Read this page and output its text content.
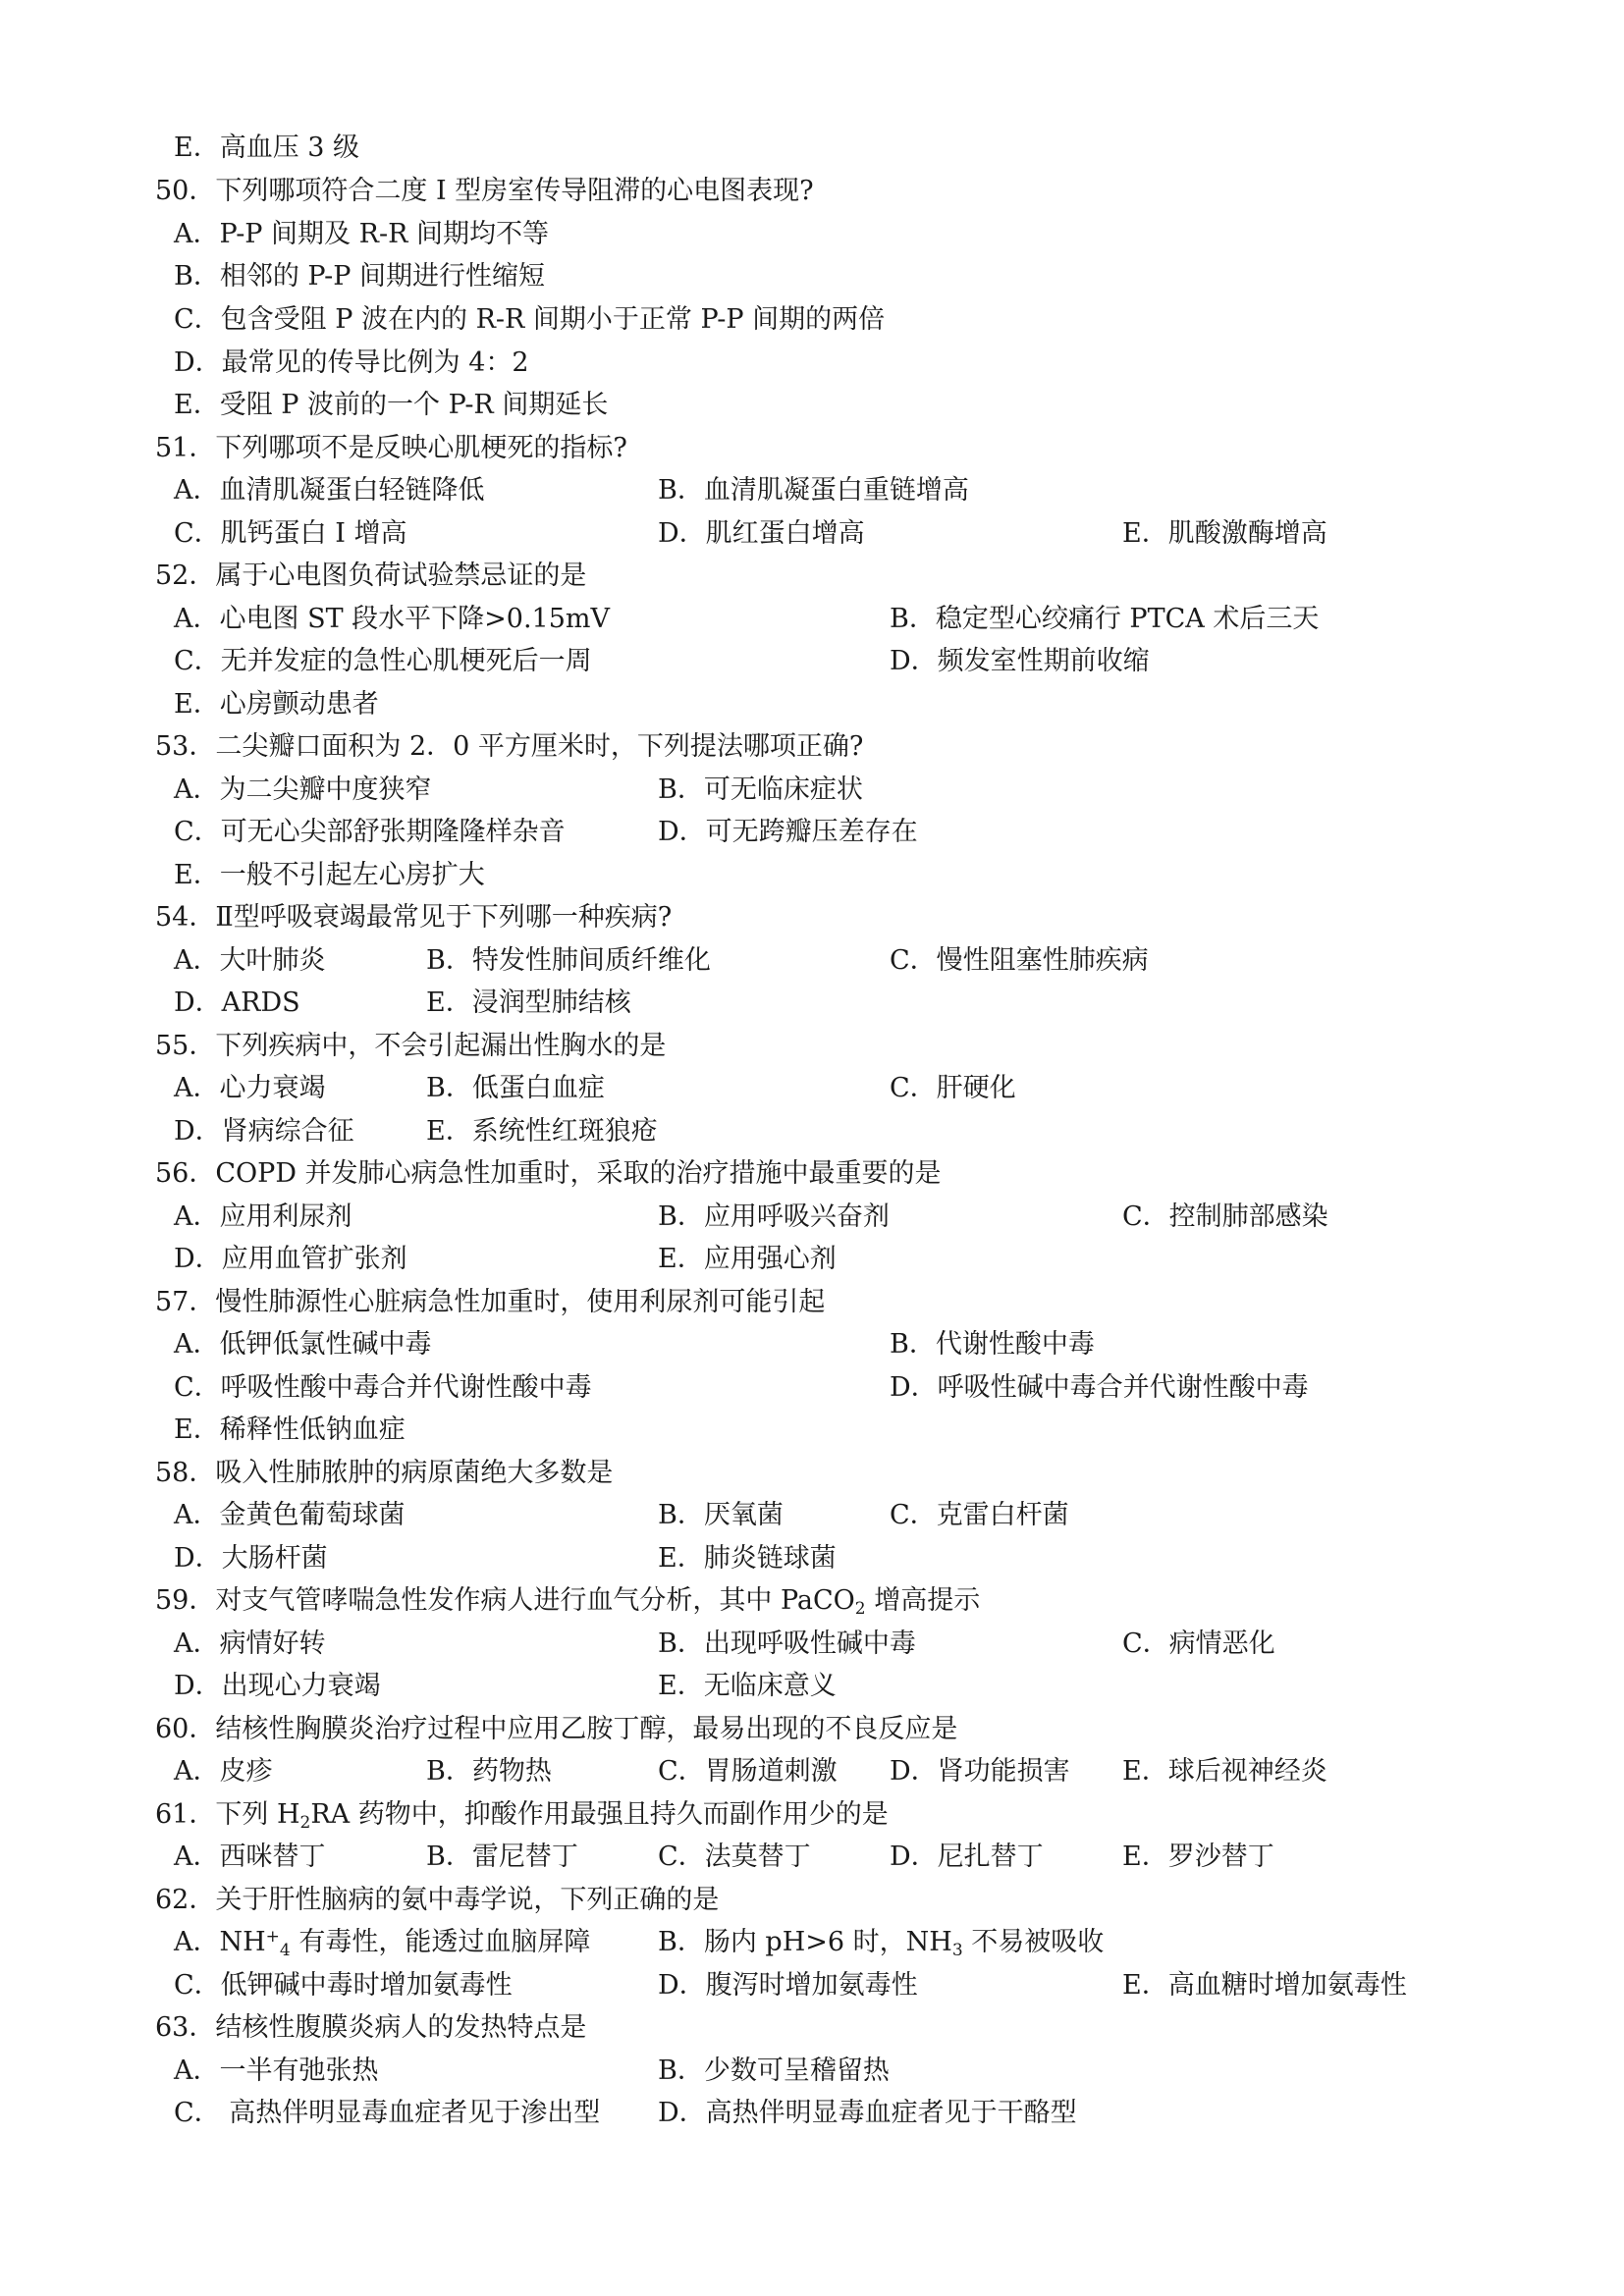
E．高血压 3 级
50．下列哪项符合二度 I 型房室传导阻滞的心电图表现?
A．P-P 间期及 R-R 间期均不等
B．相邻的 P-P 间期进行性缩短
C．包含受阻 P 波在内的 R-R 间期小于正常 P-P 间期的两倍
D．最常见的传导比例为 4：2
E．受阻 P 波前的一个 P-R 间期延长
51．下列哪项不是反映心肌梗死的指标?
A．血清肌凝蛋白轻链降低	B．血清肌凝蛋白重链增高
C．肌钙蛋白 I 增高	D．肌红蛋白增高	E．肌酸激酶增高
52．属于心电图负荷试验禁忌证的是
A．心电图 ST 段水平下降>0.15mV	B．稳定型心绞痛行 PTCA 术后三天
C．无并发症的急性心肌梗死后一周	D．频发室性期前收缩
E．心房颤动患者
53．二尖瓣口面积为 2．0 平方厘米时，下列提法哪项正确?
A．为二尖瓣中度狭窄	B．可无临床症状
C．可无心尖部舒张期隆隆样杂音	D．可无跨瓣压差存在
E．一般不引起左心房扩大
54．Ⅱ型呼吸衰竭最常见于下列哪一种疾病?
A．大叶肺炎	B．特发性肺间质纤维化	C．慢性阻塞性肺疾病
D．ARDS	E．浸润型肺结核
55．下列疾病中，不会引起漏出性胸水的是
A．心力衰竭	B．低蛋白血症	C．肝硬化
D．肾病综合征	E．系统性红斑狼疮
56．COPD 并发肺心病急性加重时，采取的治疗措施中最重要的是
A．应用利尿剂	B．应用呼吸兴奋剂	C．控制肺部感染
D．应用血管扩张剂	E．应用强心剂
57．慢性肺源性心脏病急性加重时，使用利尿剂可能引起
A．低钾低氯性碱中毒	B．代谢性酸中毒
C．呼吸性酸中毒合并代谢性酸中毒	D．呼吸性碱中毒合并代谢性酸中毒
E．稀释性低钠血症
58．吸入性肺脓肿的病原菌绝大多数是
A．金黄色葡萄球菌	B．厌氧菌	C．克雷白杆菌
D．大肠杆菌	E．肺炎链球菌
59．对支气管哮喘急性发作病人进行血气分析，其中 PaCO$_2$ 增高提示
A．病情好转	B．出现呼吸性碱中毒	C．病情恶化
D．出现心力衰竭	E．无临床意义
60．结核性胸膜炎治疗过程中应用乙胺丁醇，最易出现的不良反应是
A．皮疹	B．药物热	C．胃肠道刺激 D．肾功能损害 E．球后视神经炎
61．下列 $H_2RA$ 药物中，抑酸作用最强且持久而副作用少的是
A．西咪替丁	B．雷尼替丁	C．法莫替丁	D．尼扎替丁	E．罗沙替丁
62．关于肝性脑病的氨中毒学说，下列正确的是
A．$NH^+_4$ 有毒性，能透过血脑屏障	B．肠内 pH>6 时，$NH_3$ 不易被吸收
C．低钾碱中毒时增加氨毒性	D．腹泻时增加氨毒性	E．高血糖时增加氨毒性
63．结核性腹膜炎病人的发热特点是
A．一半有弛张热	B．少数可呈稽留热
C． 高热伴明显毒血症者见于渗出型 D．高热伴明显毒血症者见于干酪型
